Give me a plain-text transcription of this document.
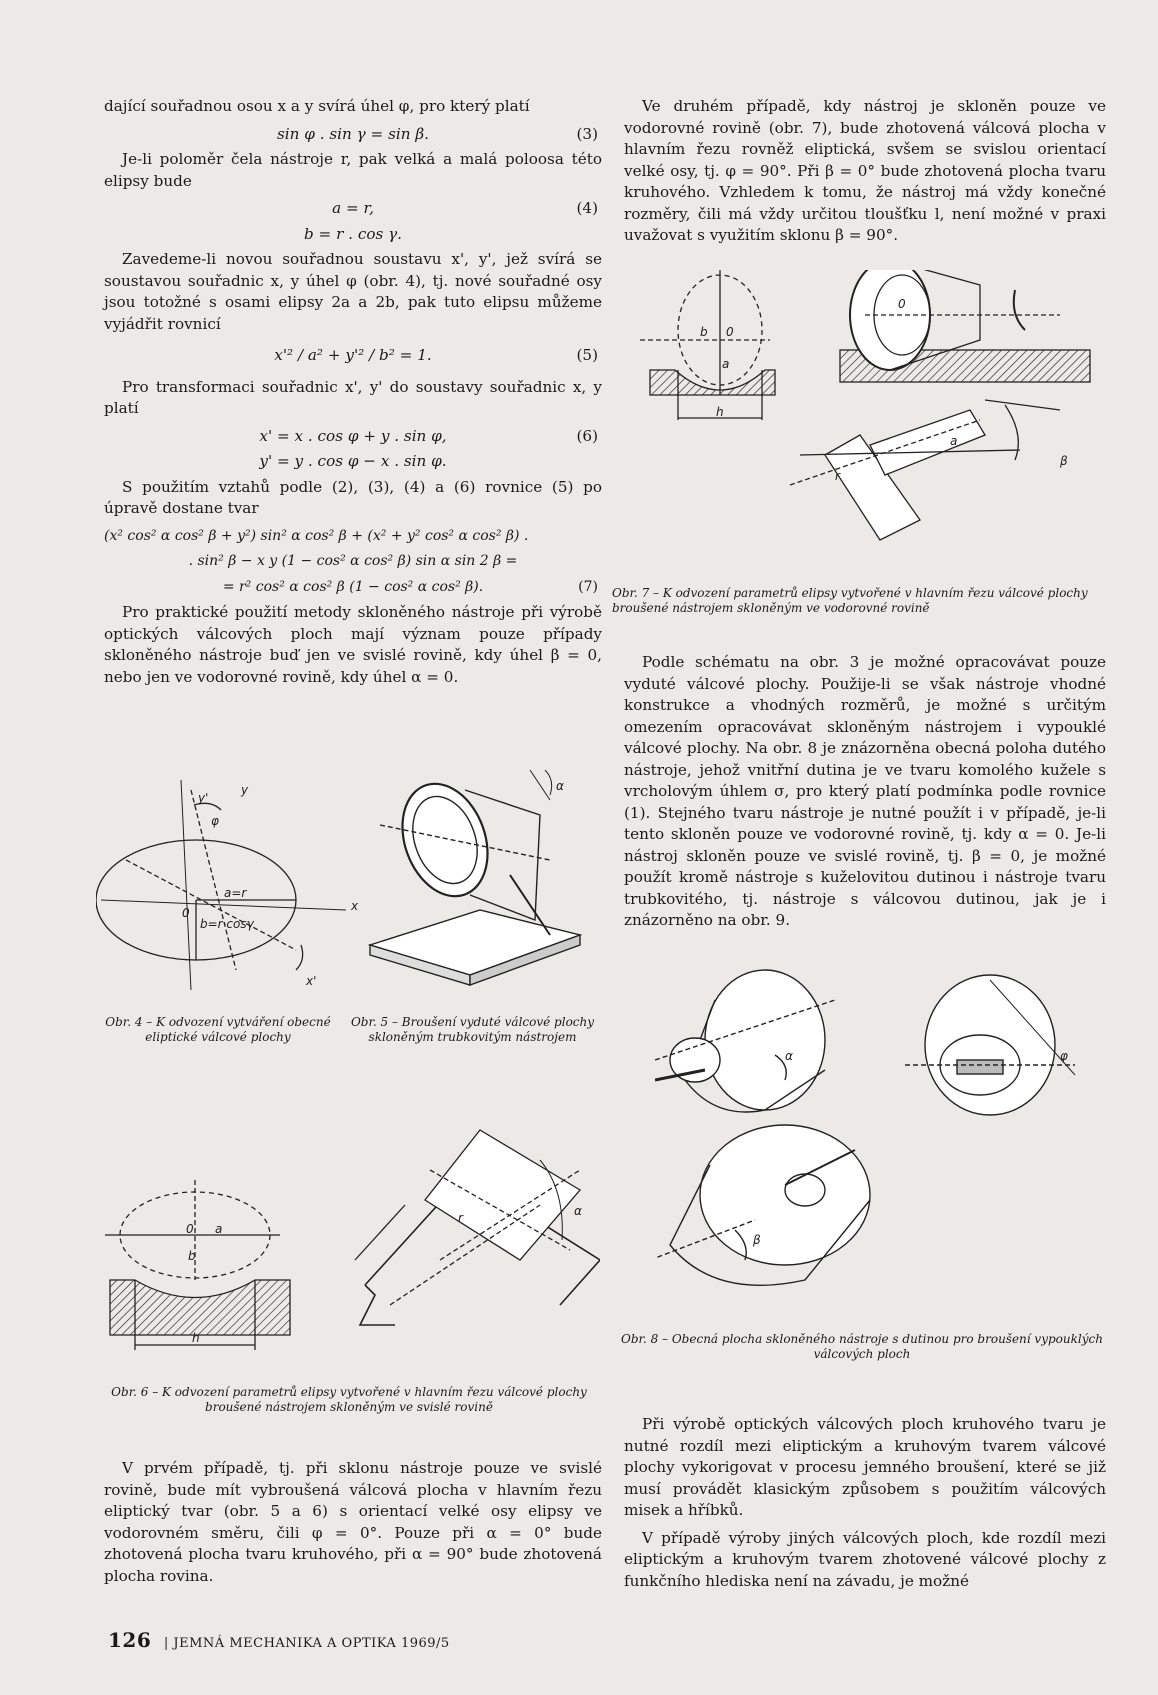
dající souřadnou osou x a y svírá úhel φ, pro který platí

sin φ . sin γ = sin β.	(3)

Je-li poloměr čela nástroje r, pak velká a malá poloosa této elipsy bude

a = r,	(4)
b = r . cos γ.

Zavedeme-li novou souřadnou soustavu x', y', jež svírá se soustavou souřadnic x, y úhel φ (obr. 4), tj. nové souřadné osy jsou totožné s osami elipsy 2a a 2b, pak tuto elipsu můžeme vyjádřit rovnicí

x'² / a² + y'² / b² = 1.	(5)

Pro transformaci souřadnic x', y' do soustavy souřadnic x, y platí

x' = x . cos φ + y . sin φ,	(6)
y' = y . cos φ − x . sin φ.

S použitím vztahů podle (2), (3), (4) a (6) rovnice (5) po úpravě dostane tvar

(x² cos² α cos² β + y²) sin² α cos² β + (x² + y² cos² α cos² β) .
. sin² β − x y (1 − cos² α cos² β) sin α sin 2 β =
= r² cos² α cos² β (1 − cos² α cos² β).	(7)

Pro praktické použití metody skloněného nástroje při výrobě optických válcových ploch mají význam pouze případy skloněného nástroje buď jen ve svislé rovině, kdy úhel β = 0, nebo jen ve vodorovné rovině, kdy úhel α = 0.

y'
y
φ
0
a=r
b=r·cosγ
x
x'
α
Obr. 4 – K odvození vytváření obecné eliptické válcové plochy
Obr. 5 – Broušení vyduté válcové plochy skloněným trubkovitým nástrojem
0 a
b
h
r	α
Obr. 6 – K odvození parametrů elipsy vytvořené v hlavním řezu válcové plochy broušené nástrojem skloněným ve svislé rovině

V prvém případě, tj. při sklonu nástroje pouze ve svislé rovině, bude mít vybroušená válcová plocha v hlavním řezu eliptický tvar (obr. 5 a 6) s orientací velké osy elipsy ve vodorovném směru, čili φ = 0°. Pouze při α = 0° bude zhotovená plocha tvaru kruhového, při α = 90° bude zhotovená plocha rovina.

Ve druhém případě, kdy nástroj je skloněn pouze ve vodorovné rovině (obr. 7), bude zhotovená válcová plocha v hlavním řezu rovněž eliptická, svšem se svislou orientací velké osy, tj. φ = 90°. Při β = 0° bude zhotovená plocha tvaru kruhového. Vzhledem k tomu, že nástroj má vždy konečné rozměry, čili má vždy určitou tloušťku l, není možné v praxi uvažovat s využitím sklonu β = 90°.

b 0
a
h
0
r
a
β
Obr. 7 – K odvození parametrů elipsy vytvořené v hlavním řezu válcové plochy broušené nástrojem skloněným ve vodorovné rovině

Podle schématu na obr. 3 je možné opracovávat pouze vyduté válcové plochy. Použije-li se však nástroje vhodné konstrukce a vhodných rozměrů, je možné s určitým omezením opracovávat skloněným nástrojem i vypouklé válcové plochy. Na obr. 8 je znázorněna obecná poloha dutého nástroje, jehož vnitřní dutina je ve tvaru komolého kužele s vrcholovým úhlem σ, pro který platí podmínka podle rovnice (1). Stejného tvaru nástroje je nutné použít i v případě, je-li tento skloněn pouze ve vodorovné rovině, tj. kdy α = 0. Je-li nástroj skloněn pouze ve svislé rovině, tj. β = 0, je možné použít kromě nástroje s kuželovitou dutinou i nástroje tvaru trubkovitého, tj. nástroje s válcovou dutinou, jak je i znázorněno na obr. 9.

α	φ
β
Obr. 8 – Obecná plocha skloněného nástroje s dutinou pro broušení vypouklých válcových ploch

Při výrobě optických válcových ploch kruhového tvaru je nutné rozdíl mezi eliptickým a kruhovým tvarem válcové plochy vykorigovat v procesu jemného broušení, které se již musí provádět klasickým způsobem s použitím válcových misek a hříbků.

V případě výroby jiných válcových ploch, kde rozdíl mezi eliptickým a kruhovým tvarem zhotovené válcové plochy z funkčního hlediska není na závadu, je možné

126 | JEMNÁ MECHANIKA A OPTIKA 1969/5
